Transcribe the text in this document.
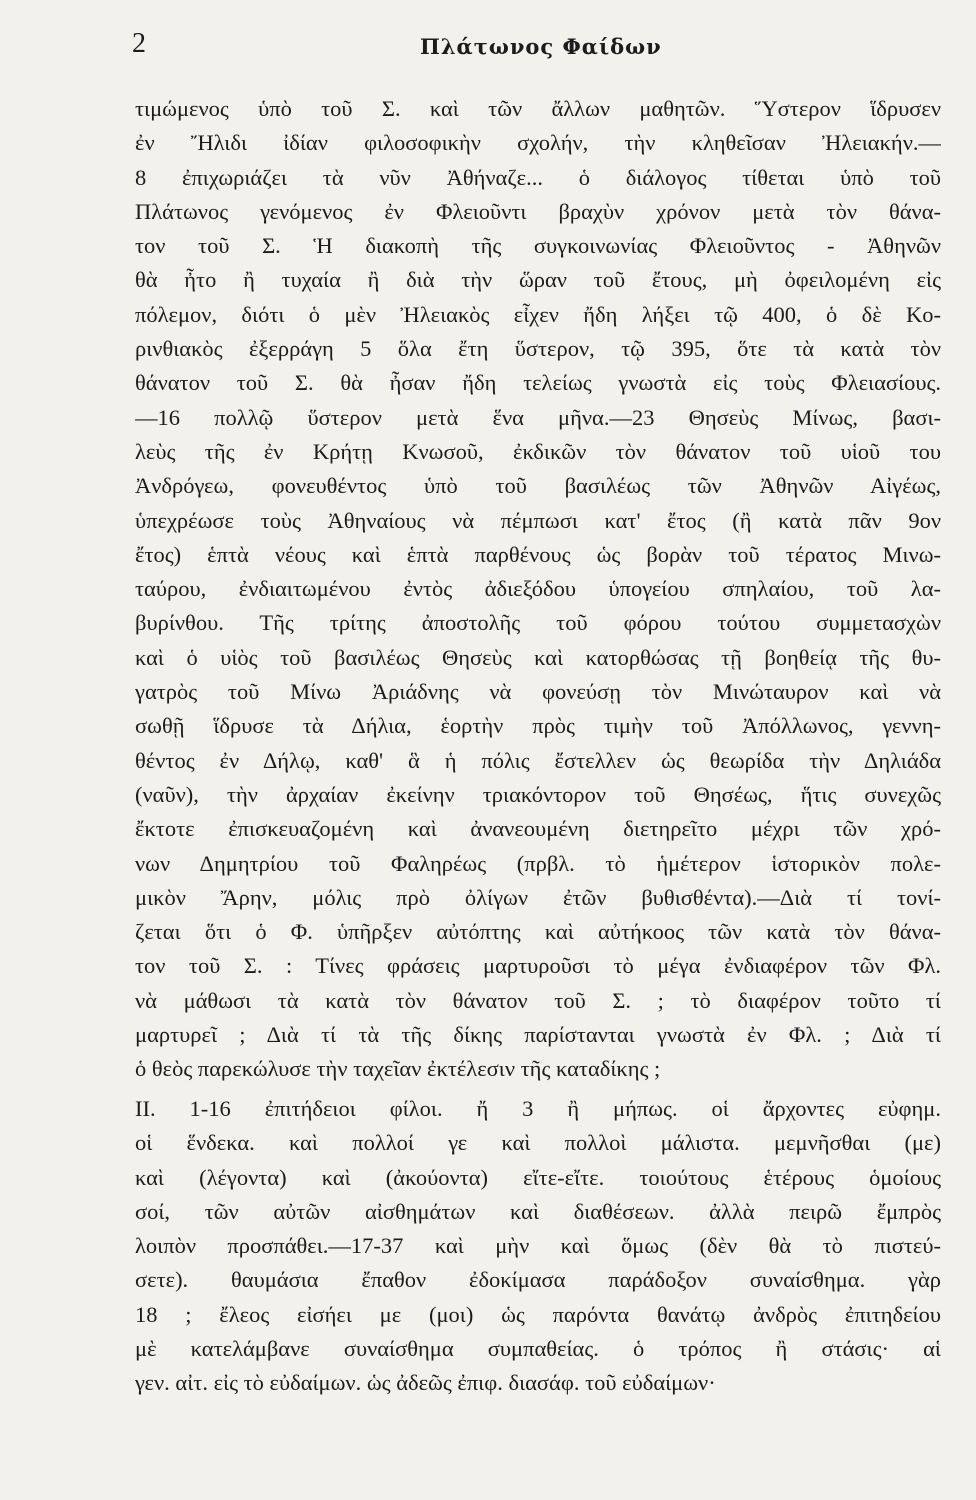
2	Πλάτωνος Φαίδων
τιμώμενος ὑπὸ τοῦ Σ. καὶ τῶν ἄλλων μαθητῶν. Ὕστερον ἵδρυσεν
ἐν Ἤλιδι ἰδίαν φιλοσοφικὴν σχολήν, τὴν κληθεῖσαν Ἠλειακήν.—
8 ἐπιχωριάζει τὰ νῦν Ἀθήναζε... ὁ διάλογος τίθεται ὑπὸ τοῦ
Πλάτωνος γενόμενος ἐν Φλειοῦντι βραχὺν χρόνον μετὰ τὸν θάνα-
τον τοῦ Σ. Ἡ διακοπὴ τῆς συγκοινωνίας Φλειοῦντος - Ἀθηνῶν
θὰ ἦτο ἢ τυχαία ἢ διὰ τὴν ὥραν τοῦ ἔτους, μὴ ὀφειλομένη εἰς
πόλεμον, διότι ὁ μὲν Ἠλειακὸς εἶχεν ἤδη λήξει τῷ 400, ὁ δὲ Κο-
ρινθιακὸς ἐξερράγη 5 ὅλα ἔτη ὕστερον, τῷ 395, ὅτε τὰ κατὰ τὸν
θάνατον τοῦ Σ. θὰ ἦσαν ἤδη τελείως γνωστὰ εἰς τοὺς Φλειασίους.
—16 πολλῷ ὕστερον μετὰ ἕνα μῆνα.—23 Θησεὺς Μίνως, βασι-
λεὺς τῆς ἐν Κρήτῃ Κνωσοῦ, ἐκδικῶν τὸν θάνατον τοῦ υἱοῦ του
Ἀνδρόγεω, φονευθέντος ὑπὸ τοῦ βασιλέως τῶν Ἀθηνῶν Αἰγέως,
ὑπεχρέωσε τοὺς Ἀθηναίους νὰ πέμπωσι κατ' ἔτος (ἢ κατὰ πᾶν 9ον
ἔτος) ἑπτὰ νέους καὶ ἑπτὰ παρθένους ὡς βορὰν τοῦ τέρατος Μινω-
ταύρου, ἐνδιαιτωμένου ἐντὸς ἀδιεξόδου ὑπογείου σπηλαίου, τοῦ λα-
βυρίνθου. Τῆς τρίτης ἀποστολῆς τοῦ φόρου τούτου συμμετασχὼν
καὶ ὁ υἱὸς τοῦ βασιλέως Θησεὺς καὶ κατορθώσας τῇ βοηθείᾳ τῆς θυ-
γατρὸς τοῦ Μίνω Ἀριάδνης νὰ φονεύσῃ τὸν Μινώταυρον καὶ νὰ
σωθῇ ἵδρυσε τὰ Δήλια, ἑορτὴν πρὸς τιμὴν τοῦ Ἀπόλλωνος, γεννη-
θέντος ἐν Δήλῳ, καθ' ἃ ἡ πόλις ἔστελλεν ὡς θεωρίδα τὴν Δηλιάδα
(ναῦν), τὴν ἀρχαίαν ἐκείνην τριακόντορον τοῦ Θησέως, ἥτις συνεχῶς
ἔκτοτε ἐπισκευαζομένη καὶ ἀνανεουμένη διετηρεῖτο μέχρι τῶν χρό-
νων Δημητρίου τοῦ Φαληρέως (πρβλ. τὸ ἡμέτερον ἱστορικὸν πολε-
μικὸν Ἄρην, μόλις πρὸ ὀλίγων ἐτῶν βυθισθέντα).—Διὰ τί τονί-
ζεται ὅτι ὁ Φ. ὑπῆρξεν αὐτόπτης καὶ αὐτήκοος τῶν κατὰ τὸν θάνα-
τον τοῦ Σ. : Τίνες φράσεις μαρτυροῦσι τὸ μέγα ἐνδιαφέρον τῶν Φλ.
νὰ μάθωσι τὰ κατὰ τὸν θάνατον τοῦ Σ. ; τὸ διαφέρον τοῦτο τί
μαρτυρεῖ ; Διὰ τί τὰ τῆς δίκης παρίστανται γνωστὰ ἐν Φλ. ; Διὰ τί
ὁ θεὸς παρεκώλυσε τὴν ταχεῖαν ἐκτέλεσιν τῆς καταδίκης ;
II. 1-16 ἐπιτήδειοι φίλοι. ἤ 3 ἢ μήπως. οἱ ἄρχοντες εὐφημ.
οἱ ἕνδεκα. καὶ πολλοί γε καὶ πολλοὶ μάλιστα. μεμνῆσθαι (με)
καὶ (λέγοντα) καὶ (ἀκούοντα) εἴτε-εἴτε. τοιούτους ἑτέρους ὁμοίους
σοί, τῶν αὐτῶν αἰσθημάτων καὶ διαθέσεων. ἀλλὰ πειρῶ ἔμπρὸς
λοιπὸν προσπάθει.—17-37 καὶ μὴν καὶ ὅμως (δὲν θὰ τὸ πιστεύ-
σετε). θαυμάσια ἔπαθον ἐδοκίμασα παράδοξον συναίσθημα. γὰρ
18 ; ἔλεος εἰσήει με (μοι) ὡς παρόντα θανάτῳ ἀνδρὸς ἐπιτηδείου
μὲ κατελάμβανε συναίσθημα συμπαθείας. ὁ τρόπος ἢ στάσις· αἱ
γεν. αἰτ. εἰς τὸ εὐδαίμων. ὡς ἀδεῶς ἐπιφ. διασάφ. τοῦ εὐδαίμων·
